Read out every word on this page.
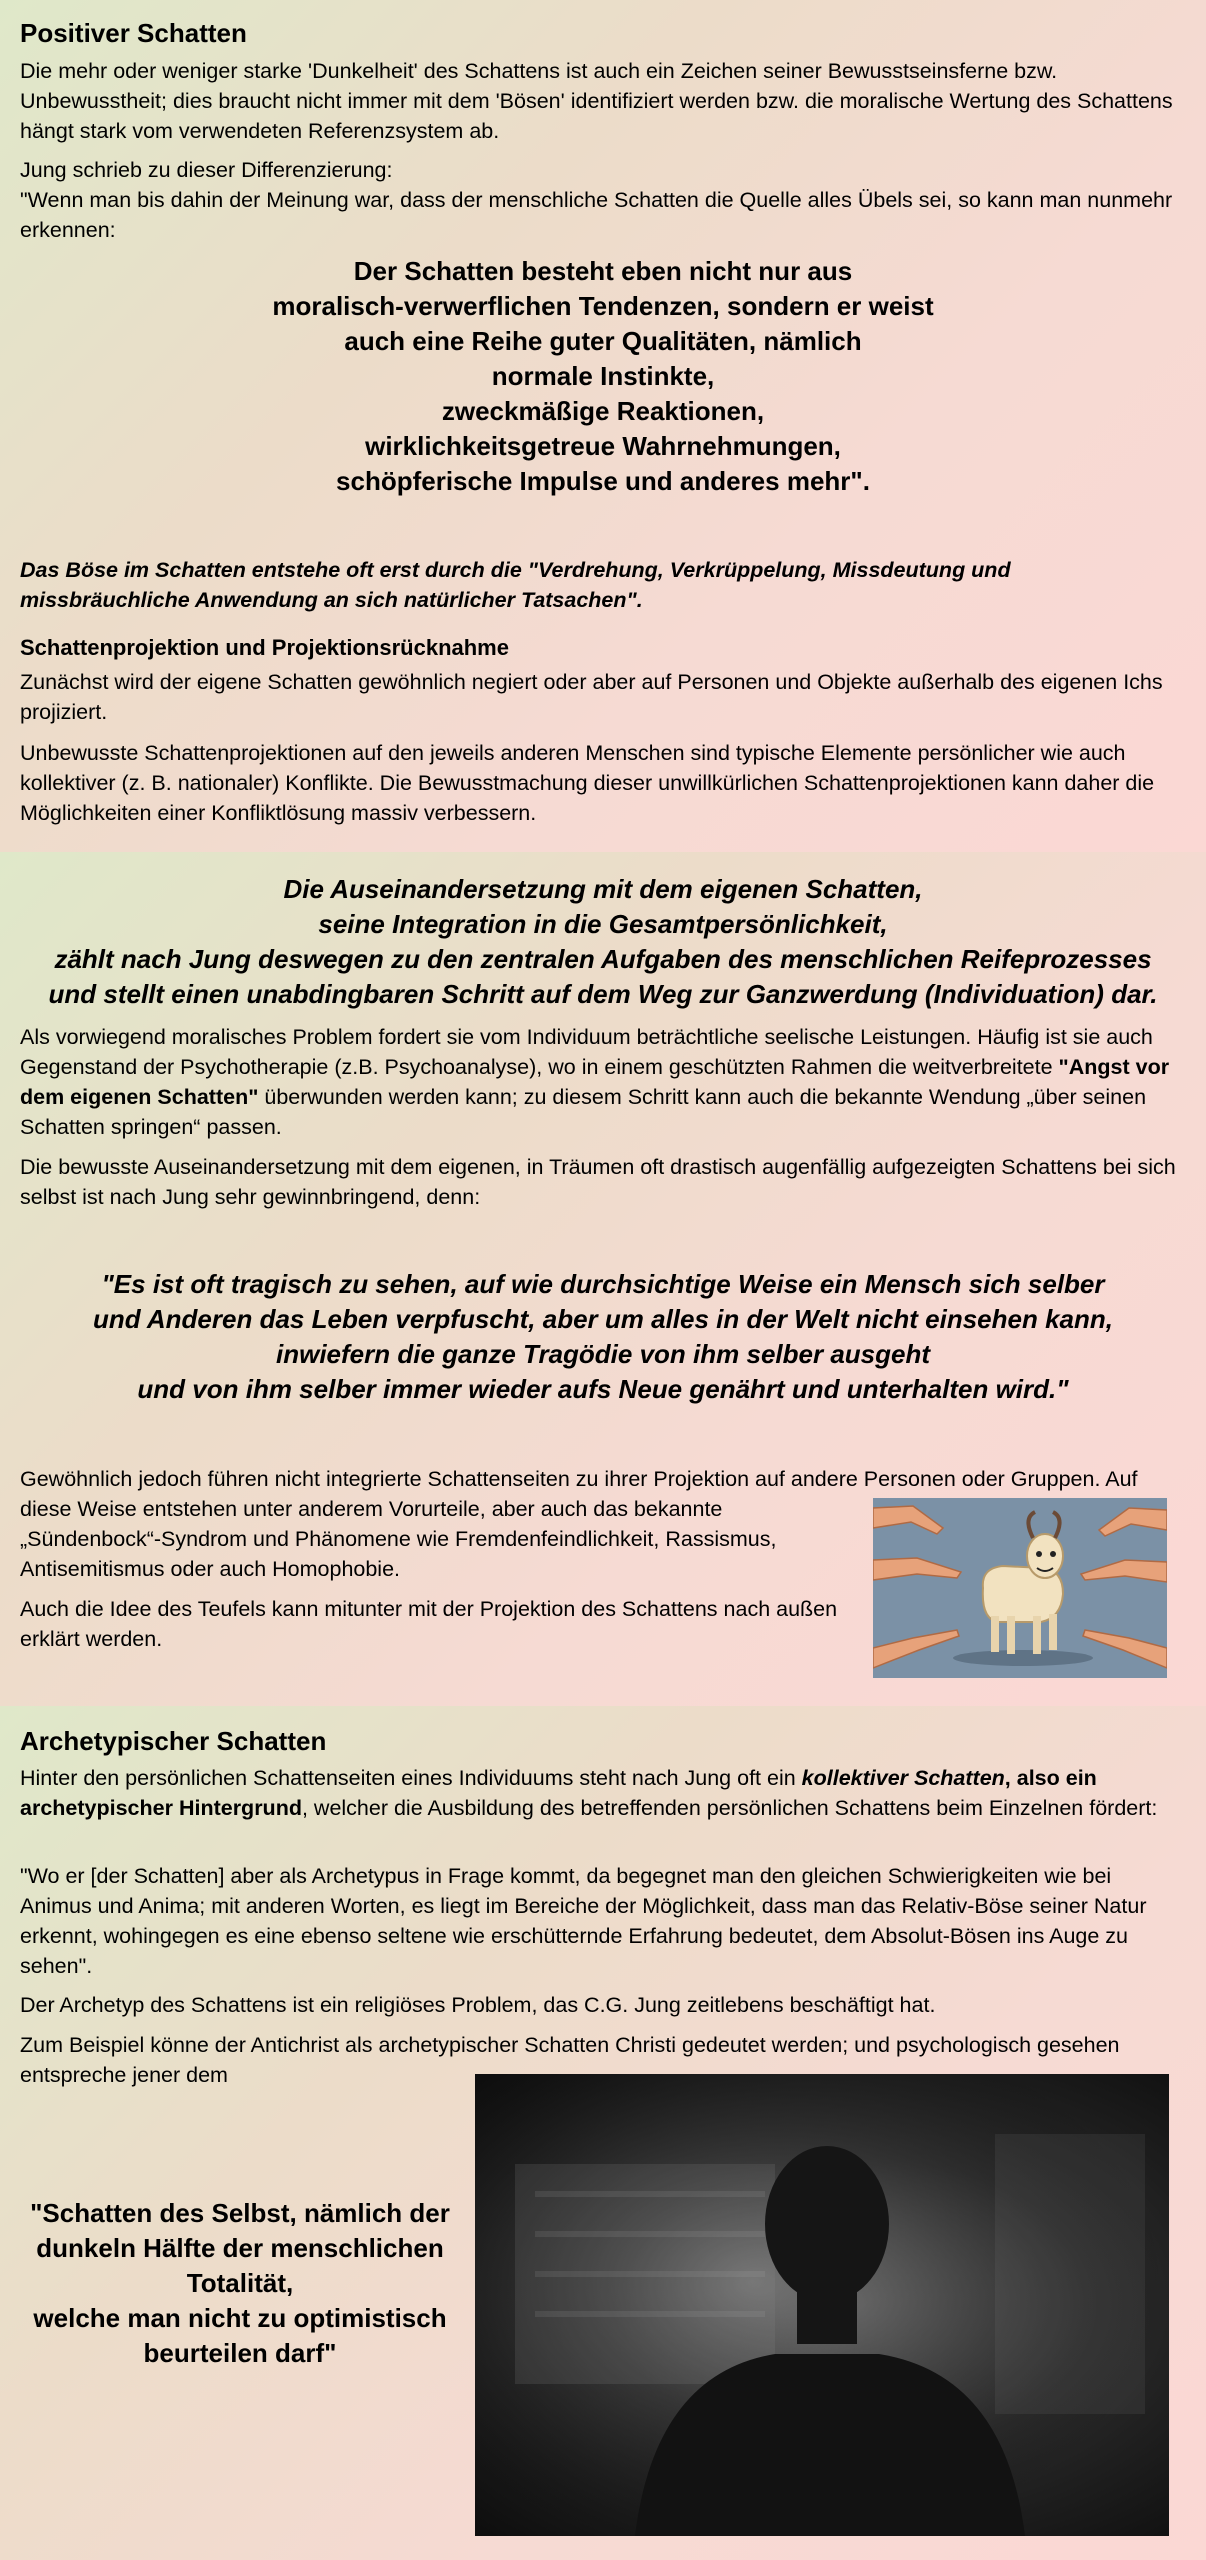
Positiver Schatten

Die mehr oder weniger starke 'Dunkelheit' des Schattens ist auch ein Zeichen seiner Bewusstseinsferne bzw. Unbewusstheit; dies braucht nicht immer mit dem 'Bösen' identifiziert werden bzw. die moralische Wertung des Schattens hängt stark vom verwendeten Referenzsystem ab.

Jung schrieb zu dieser Differenzierung:

"Wenn man bis dahin der Meinung war, dass der menschliche Schatten die Quelle alles Übels sei, so kann man nunmehr erkennen:

Der Schatten besteht eben nicht nur aus
moralisch-verwerflichen Tendenzen, sondern er weist
auch eine Reihe guter Qualitäten, nämlich
normale Instinkte,
zweckmäßige Reaktionen,
wirklichkeitsgetreue Wahrnehmungen,
schöpferische Impulse und anderes mehr".

Das Böse im Schatten entstehe oft erst durch die "Verdrehung, Verkrüppelung, Missdeutung und missbräuchliche Anwendung an sich natürlicher Tatsachen".

Schattenprojektion und Projektionsrücknahme

Zunächst wird der eigene Schatten gewöhnlich negiert oder aber auf Personen und Objekte außerhalb des eigenen Ichs projiziert.

Unbewusste Schattenprojektionen auf den jeweils anderen Menschen sind typische Elemente persönlicher wie auch kollektiver (z. B. nationaler) Konflikte. Die Bewusstmachung dieser unwillkürlichen Schattenprojektionen kann daher die Möglichkeiten einer Konfliktlösung massiv verbessern.

Die Auseinandersetzung mit dem eigenen Schatten,
seine Integration in die Gesamtpersönlichkeit,
zählt nach Jung deswegen zu den zentralen Aufgaben des menschlichen Reifeprozesses
und stellt einen unabdingbaren Schritt auf dem Weg zur Ganzwerdung (Individuation) dar.

Als vorwiegend moralisches Problem fordert sie vom Individuum beträchtliche seelische Leistungen. Häufig ist sie auch Gegenstand der Psychotherapie (z.B. Psychoanalyse), wo in einem geschützten Rahmen die weitverbreitete "Angst vor dem eigenen Schatten" überwunden werden kann; zu diesem Schritt kann auch die bekannte Wendung „über seinen Schatten springen“ passen.

Die bewusste Auseinandersetzung mit dem eigenen, in Träumen oft drastisch augenfällig aufgezeigten Schattens bei sich selbst ist nach Jung sehr gewinnbringend, denn:

"Es ist oft tragisch zu sehen, auf wie durchsichtige Weise ein Mensch sich selber
und Anderen das Leben verpfuscht, aber um alles in der Welt nicht einsehen kann,
inwiefern die ganze Tragödie von ihm selber ausgeht
und von ihm selber immer wieder aufs Neue genährt und unterhalten wird."

Gewöhnlich jedoch führen nicht integrierte Schattenseiten zu ihrer Projektion auf andere Personen oder Gruppen. Auf

diese Weise entstehen unter anderem Vorurteile, aber auch das bekannte „Sündenbock“-Syndrom und Phänomene wie Fremdenfeindlichkeit, Rassismus, Antisemitismus oder auch Homophobie.

Auch die Idee des Teufels kann mitunter mit der Projektion des Schattens nach außen erklärt werden.

Archetypischer Schatten

Hinter den persönlichen Schattenseiten eines Individuums steht nach Jung oft ein kollektiver Schatten, also ein archetypischer Hintergrund, welcher die Ausbildung des betreffenden persönlichen Schattens beim Einzelnen fördert:

"Wo er [der Schatten] aber als Archetypus in Frage kommt, da begegnet man den gleichen Schwierigkeiten wie bei Animus und Anima; mit anderen Worten, es liegt im Bereiche der Möglichkeit, dass man das Relativ-Böse seiner Natur erkennt, wohingegen es eine ebenso seltene wie erschütternde Erfahrung bedeutet, dem Absolut-Bösen ins Auge zu sehen".

Der Archetyp des Schattens ist ein religiöses Problem, das C.G. Jung zeitlebens beschäftigt hat.

Zum Beispiel könne der Antichrist als archetypischer Schatten Christi gedeutet werden; und psychologisch gesehen entspreche jener dem

"Schatten des Selbst, nämlich der
dunkeln Hälfte der menschlichen
Totalität,
welche man nicht zu optimistisch
beurteilen darf"
